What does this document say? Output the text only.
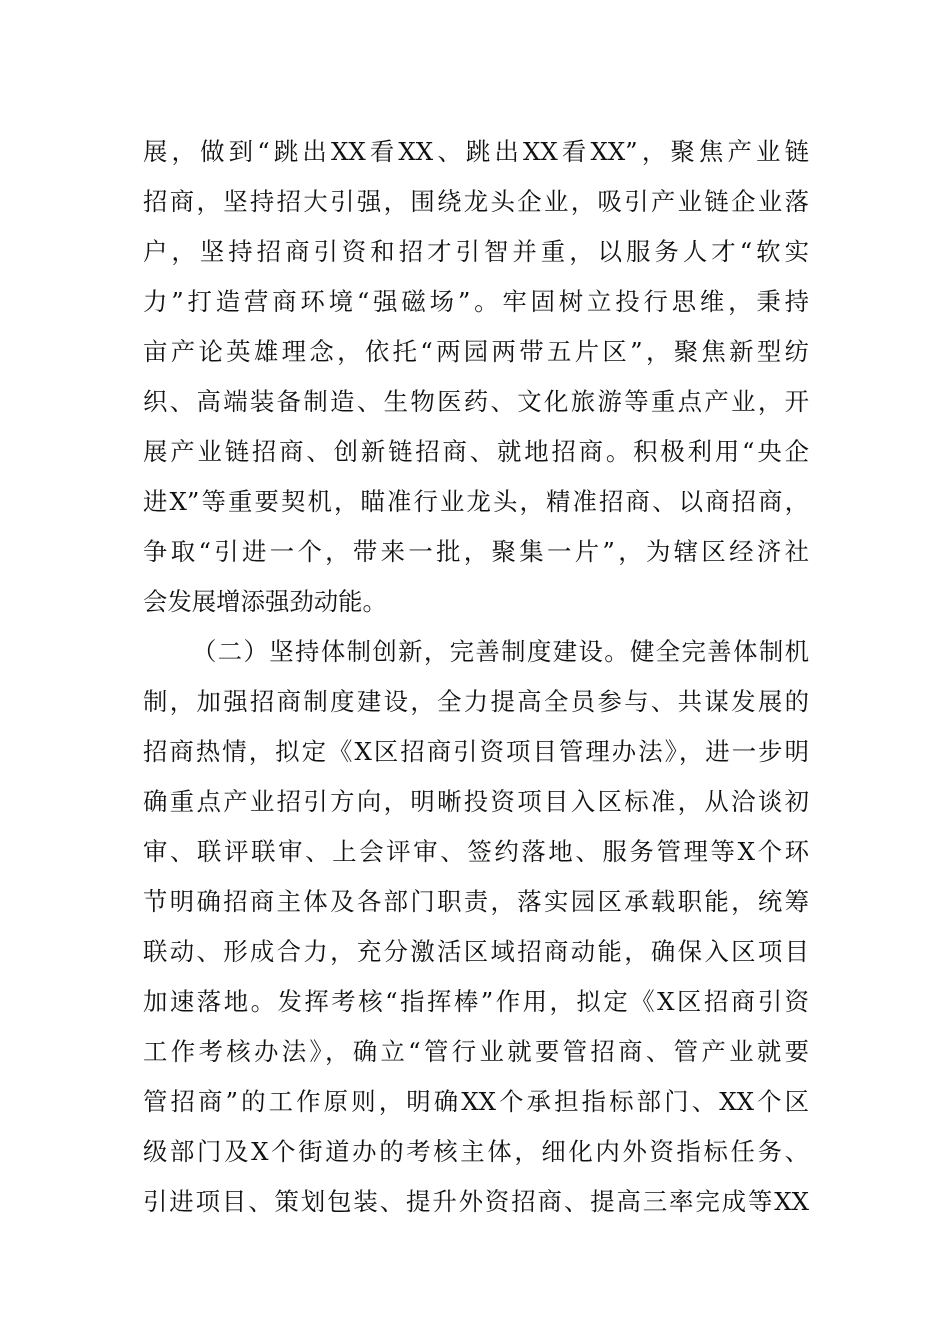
展，做到“跳出XX看XX、跳出XX看XX”，聚焦产业链
招商，坚持招大引强，围绕龙头企业，吸引产业链企业落
户，坚持招商引资和招才引智并重，以服务人才“软实
力”打造营商环境“强磁场”。牢固树立投行思维，秉持
亩产论英雄理念，依托“两园两带五片区”，聚焦新型纺
织、高端装备制造、生物医药、文化旅游等重点产业，开
展产业链招商、创新链招商、就地招商。积极利用“央企
进X”等重要契机，瞄准行业龙头，精准招商、以商招商，
争取“引进一个，带来一批，聚集一片”，为辖区经济社
会发展增添强劲动能。
（二）坚持体制创新，完善制度建设。健全完善体制机
制，加强招商制度建设，全力提高全员参与、共谋发展的
招商热情，拟定《X区招商引资项目管理办法》，进一步明
确重点产业招引方向，明晰投资项目入区标准，从洽谈初
审、联评联审、上会评审、签约落地、服务管理等X个环
节明确招商主体及各部门职责，落实园区承载职能，统筹
联动、形成合力，充分激活区域招商动能，确保入区项目
加速落地。发挥考核“指挥棒”作用，拟定《X区招商引资
工作考核办法》，确立“管行业就要管招商、管产业就要
管招商”的工作原则，明确XX个承担指标部门、XX个区
级部门及X个街道办的考核主体，细化内外资指标任务、
引进项目、策划包装、提升外资招商、提高三率完成等XX
